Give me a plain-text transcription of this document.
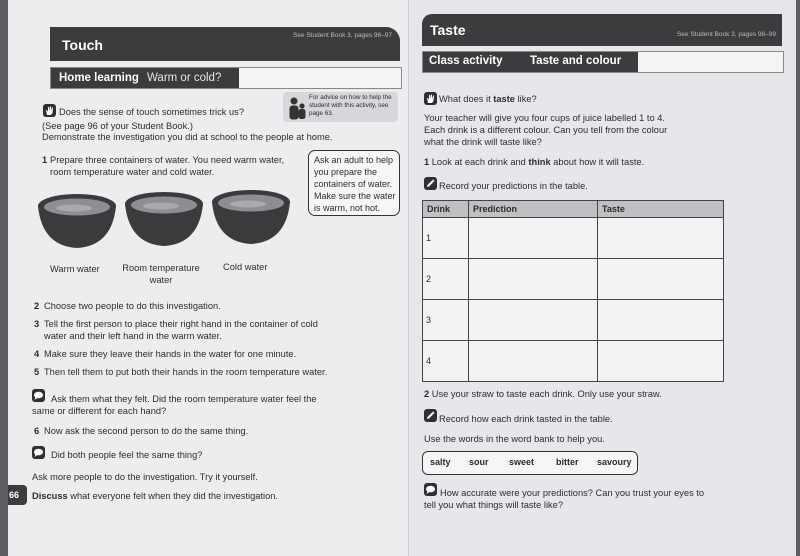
Touch
See Student Book 3, pages 96–97
Home learning Warm or cold?
For advice on how to help the student with this activity, see page 63.
Does the sense of touch sometimes trick us?
(See page 96 of your Student Book.)
Demonstrate the investigation you did at school to the people at home.
1 Prepare three containers of water. You need warm water, room temperature water and cold water.
Ask an adult to help you prepare the containers of water. Make sure the water is warm, not hot.
Warm water	Room temperature water
Cold water
2 Choose two people to do this investigation.
3 Tell the first person to place their right hand in the container of cold water and their left hand in the warm water.
4 Make sure they leave their hands in the water for one minute.
5 Then tell them to put both their hands in the room temperature water.
Ask them what they felt. Did the room temperature water feel the same or different for each hand?
6 Now ask the second person to do the same thing.
Did both people feel the same thing?
Ask more people to do the investigation. Try it yourself.
Discuss what everyone felt when they did the investigation.
66
Taste	See Student Book 3, pages 98–99
Class activity Taste and colour
What does it taste like?
Your teacher will give you four cups of juice labelled 1 to 4. Each drink is a different colour. Can you tell from the colour what the drink will taste like?
1 Look at each drink and think about how it will taste.
Record your predictions in the table.
Drink	Prediction	Taste
1		
2		
3		
4		
2 Use your straw to taste each drink. Only use your straw.
Record how each drink tasted in the table.
Use the words in the word bank to help you.
salty sour sweet bitter savoury
How accurate were your predictions? Can you trust your eyes to tell you what things will taste like?
